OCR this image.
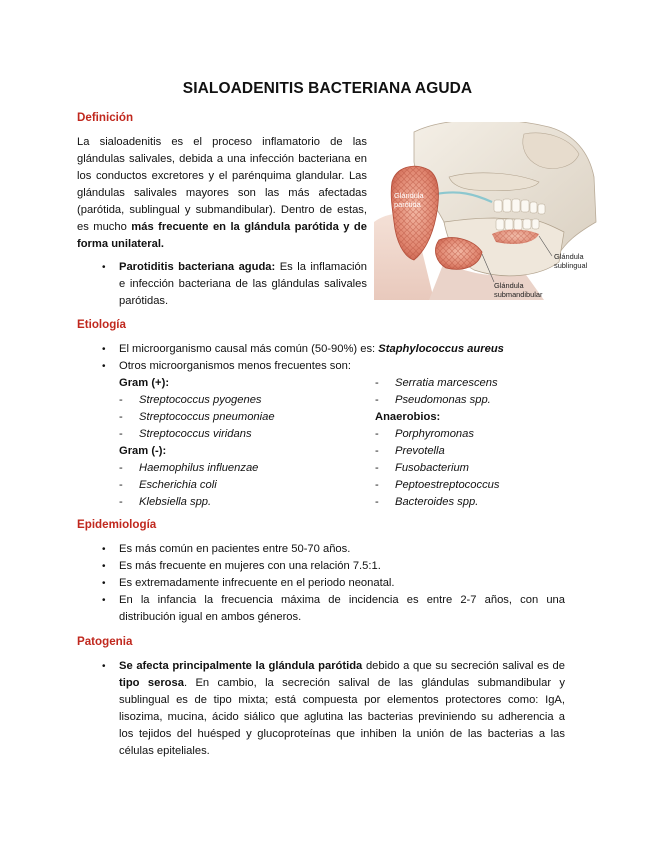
SIALOADENITIS BACTERIANA AGUDA
Definición
La sialoadenitis es el proceso inflamatorio de las
glándulas salivales, debida a una infección bacteriana en
los conductos excretores y el parénquima glandular. Las
glándulas salivales mayores son las más afectadas
(parótida, sublingual y submandibular). Dentro de estas,
es mucho más frecuente en la glándula parótida y de
forma unilateral.
•	Parotiditis bacteriana aguda: Es la inflamación
e infección bacteriana de las glándulas salivales
parótidas.
Glándula
parótida
Glándula
sublingual
Glándula
submandibular
Etiología
•	El microorganismo causal más común (50-90%) es: Staphylococcus aureus
•	Otros microorganismos menos frecuentes son:
Gram (+):
-	Streptococcus pyogenes
-	Streptococcus pneumoniae
-	Streptococcus viridans
Gram (-):
-	Haemophilus influenzae
-	Escherichia coli
-	Klebsiella spp.
-	Serratia marcescens
-	Pseudomonas spp.
Anaerobios:
-	Porphyromonas
-	Prevotella
-	Fusobacterium
-	Peptoestreptococcus
-	Bacteroides spp.
Epidemiología
•	Es más común en pacientes entre 50-70 años.
•	Es más frecuente en mujeres con una relación 7.5:1.
•	Es extremadamente infrecuente en el periodo neonatal.
•	En la infancia la frecuencia máxima de incidencia es entre 2-7 años, con una
distribución igual en ambos géneros.
Patogenia
•	Se afecta principalmente la glándula parótida debido a que su secreción salival es de
tipo serosa. En cambio, la secreción salival de las glándulas submandibular y
sublingual es de tipo mixta; está compuesta por elementos protectores como: IgA,
lisozima, mucina, ácido siálico que aglutina las bacterias previniendo su adherencia a
los tejidos del huésped y glucoproteínas que inhiben la unión de las bacterias a las
células epiteliales.
